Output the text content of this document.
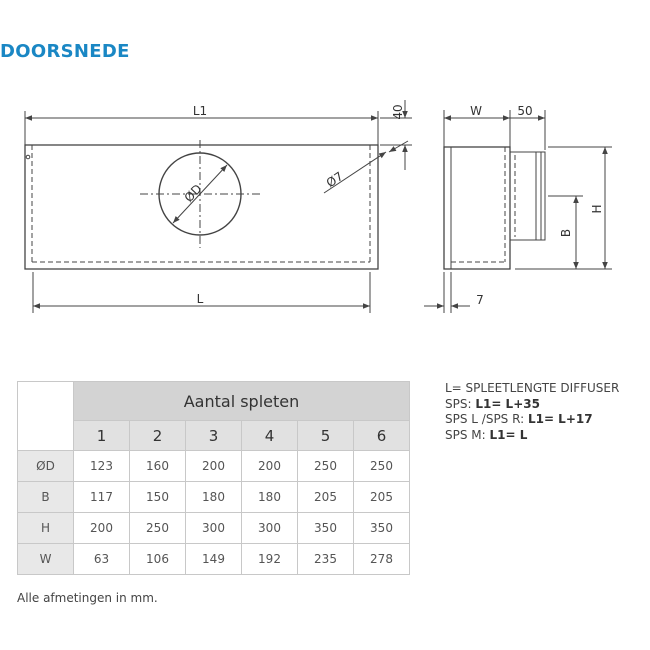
DOORSNEDE
L1
L
ØD
Ø7
40	W	50
H
B
7
	Aantal spleten					
	1	2	3	4	5	6
ØD	123	160	200	200	250	250
B	117	150	180	180	205	205
H	200	250	300	300	350	350
W	63	106	149	192	235	278
Alle afmetingen in mm.
L= SPLEETLENGTE DIFFUSER
SPS: L1= L+35
SPS L /SPS R: L1= L+17
SPS M: L1= L
